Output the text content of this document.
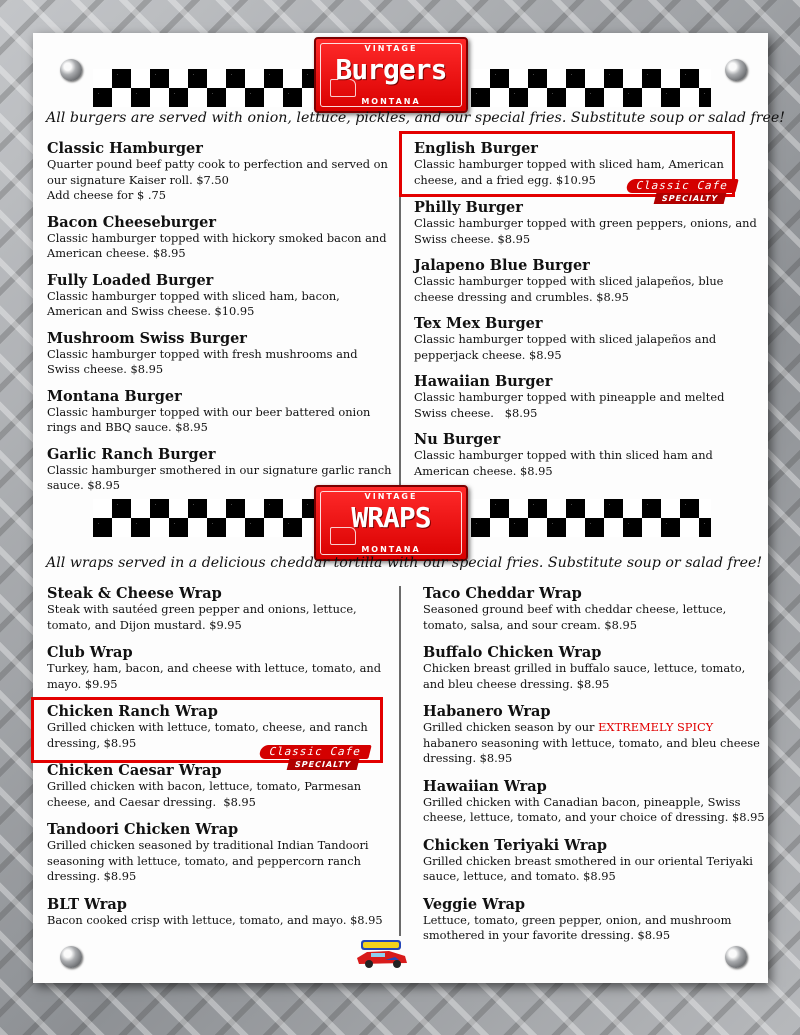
VINTAGE
Burgers
MONTANA
All burgers are served with onion, lettuce, pickles, and our special fries. Substitute soup or salad free!
Classic Hamburger
Quarter pound beef patty cook to perfection and served on our signature Kaiser roll. $7.50
Add cheese for $ .75
Bacon Cheeseburger
Classic hamburger topped with hickory smoked bacon and American cheese. $8.95
Fully Loaded Burger
Classic hamburger topped with sliced ham, bacon, American and Swiss cheese. $10.95
Mushroom Swiss Burger
Classic hamburger topped with fresh mushrooms and Swiss cheese. $8.95
Montana Burger
Classic hamburger topped with our beer battered onion rings and BBQ sauce. $8.95
Garlic Ranch Burger
Classic hamburger smothered in our signature garlic ranch sauce. $8.95
Classic Cafe
SPECIALTY
English Burger
Classic hamburger topped with sliced ham, American cheese, and a fried egg. $10.95
Philly Burger
Classic hamburger topped with green peppers, onions, and Swiss cheese. $8.95
Jalapeno Blue Burger
Classic hamburger topped with sliced jalapeños, blue cheese dressing and crumbles. $8.95
Tex Mex Burger
Classic hamburger topped with sliced jalapeños and pepperjack cheese. $8.95
Hawaiian Burger
Classic hamburger topped with pineapple and melted Swiss cheese.   $8.95
Nu Burger
Classic hamburger topped with thin sliced ham and American cheese. $8.95
VINTAGE
WRAPS
MONTANA
All wraps served in a delicious cheddar tortilla with our special fries. Substitute soup or salad free!
Classic Cafe
SPECIALTY
Steak & Cheese Wrap
Steak with sautéed green pepper and onions, lettuce, tomato, and Dijon mustard. $9.95
Club Wrap
Turkey, ham, bacon, and cheese with lettuce, tomato, and mayo. $9.95
Chicken Ranch Wrap
Grilled chicken with lettuce, tomato, cheese, and ranch dressing, $8.95
Chicken Caesar Wrap
Grilled chicken with bacon, lettuce, tomato, Parmesan cheese, and Caesar dressing.  $8.95
Tandoori Chicken Wrap
Grilled chicken seasoned by traditional Indian Tandoori seasoning with lettuce, tomato, and peppercorn ranch dressing. $8.95
BLT Wrap
Bacon cooked crisp with lettuce, tomato, and mayo. $8.95
Taco Cheddar Wrap
Seasoned ground beef with cheddar cheese, lettuce, tomato, salsa, and sour cream. $8.95
Buffalo Chicken Wrap
Chicken breast grilled in buffalo sauce, lettuce, tomato, and bleu cheese dressing. $8.95
Habanero Wrap
Grilled chicken season by our EXTREMELY SPICY habanero seasoning with lettuce, tomato, and bleu cheese dressing. $8.95
Hawaiian Wrap
Grilled chicken with Canadian bacon, pineapple, Swiss cheese, lettuce, tomato, and your choice of dressing. $8.95
Chicken Teriyaki Wrap
Grilled chicken breast smothered in our oriental Teriyaki sauce, lettuce, and tomato. $8.95
Veggie Wrap
Lettuce, tomato, green pepper, onion, and mushroom smothered in your favorite dressing. $8.95
